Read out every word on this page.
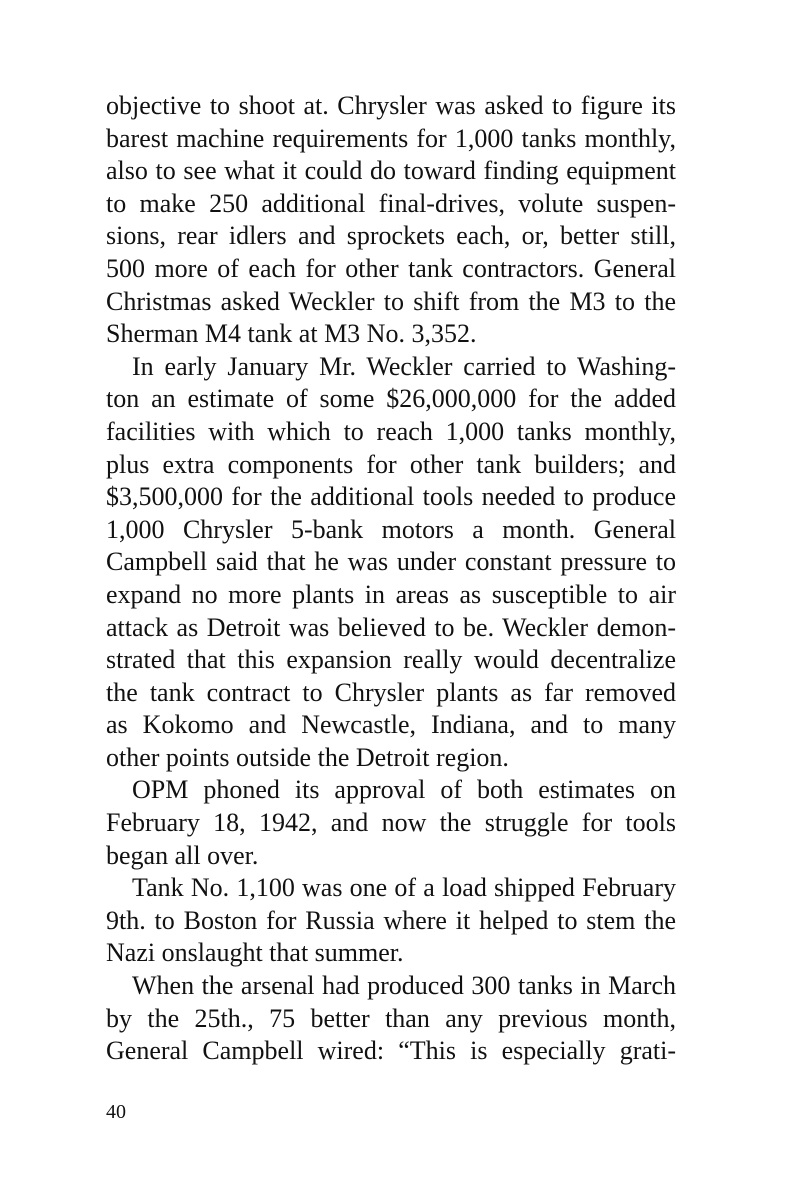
objective to shoot at. Chrysler was asked to figure its
barest machine requirements for 1,000 tanks monthly,
also to see what it could do toward finding equipment
to make 250 additional final-drives, volute suspen-
sions, rear idlers and sprockets each, or, better still,
500 more of each for other tank contractors. General
Christmas asked Weckler to shift from the M3 to the
Sherman M4 tank at M3 No. 3,352.
In early January Mr. Weckler carried to Washing-
ton an estimate of some $26,000,000 for the added
facilities with which to reach 1,000 tanks monthly,
plus extra components for other tank builders; and
$3,500,000 for the additional tools needed to produce
1,000 Chrysler 5-bank motors a month. General
Campbell said that he was under constant pressure to
expand no more plants in areas as susceptible to air
attack as Detroit was believed to be. Weckler demon-
strated that this expansion really would decentralize
the tank contract to Chrysler plants as far removed
as Kokomo and Newcastle, Indiana, and to many
other points outside the Detroit region.
OPM phoned its approval of both estimates on
February 18, 1942, and now the struggle for tools
began all over.
Tank No. 1,100 was one of a load shipped February
9th. to Boston for Russia where it helped to stem the
Nazi onslaught that summer.
When the arsenal had produced 300 tanks in March
by the 25th., 75 better than any previous month,
General Campbell wired: “This is especially grati-
40
